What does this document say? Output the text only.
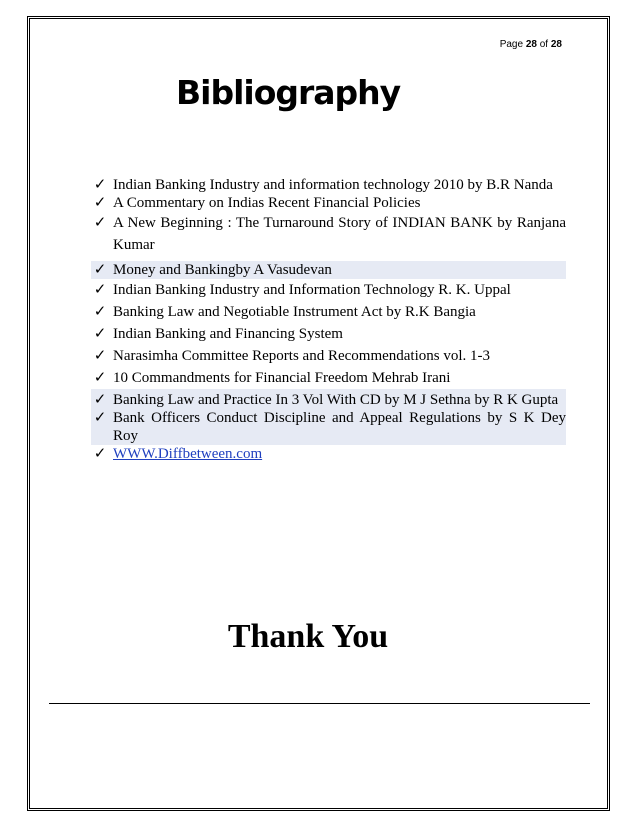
Page 28 of 28
Bibliography
✓ Indian Banking Industry and information technology 2010 by B.R Nanda
✓ A Commentary on Indias Recent Financial Policies
✓ A New Beginning : The Turnaround Story of INDIAN BANK by Ranjana Kumar
✓ Money and Bankingby A Vasudevan
✓ Indian Banking Industry and Information Technology R. K. Uppal
✓ Banking Law and Negotiable Instrument Act by R.K Bangia
✓ Indian Banking and Financing System
✓ Narasimha Committee Reports and Recommendations vol. 1-3
✓ 10 Commandments for Financial Freedom Mehrab Irani
✓ Banking Law and Practice In 3 Vol With CD by M J Sethna by R K Gupta
✓ Bank Officers Conduct Discipline and Appeal Regulations by S K Dey Roy
✓ WWW.Diffbetween.com
Thank You
